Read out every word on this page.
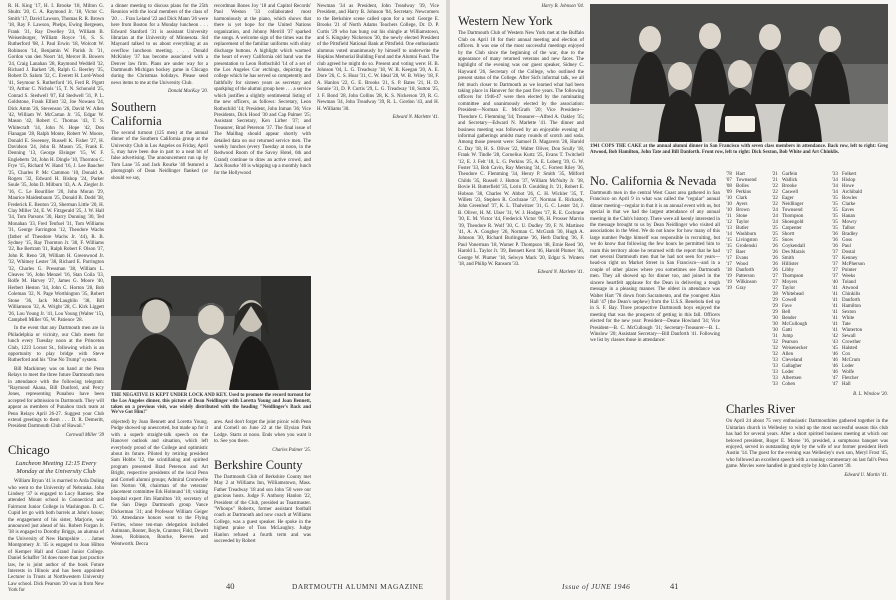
R. H. King '17, H. I. Brooke '18, Milton G. Shultz '20, C. A. Raymond Jr. '18, Victor C. Smith '17, David Lawson, Thomas R. R. Brown '18, Ray F. Lawson, Phelps, Ewing Bergesen, Frank '31, Ray Dwelley '24, William B. Weisenburger, William Royce '16, S. S. Rutherford '08, J. Paul Erwin '18, Wolcott W. Robinson '14, Benjamin W. Parish Jr. '31, Gordon van den Noort '44, Mercer B. Bowers '24, Craig Lanahan '28, Raymond Weddell '32, Richard J. Barkett '26, Ralph G. Beerley '35, Robert D. Salom '32, C. Everett H. Lord-Wood '41, Seymour S. Rutherford '16, Ferd R. Pigott '19, Arthur C. Nichols '15, T. N. Schonold '25, Conrad S. Stedwell '07, Ed Stedwell '31, P. L. Goldstone, Frank Elliott '32, Joe Nowaea '24, Dick Amm '26, Stevenson '26, David W. Allen '42, William W. McCartan Jr. '35, Edgar W. Mason '42, Robert C. Thomas '43, T. S. Whitecraft '14, John N. Hope '42, Don Flanagan '28, Ralph Monte, Robert W. Moore, Donald E. Sweeney, Russell K. Fisher '27, H. Davidson '24, John B. Mason '25, Frank E. Denning '13, George Elsinger '15, W. F. Engleberts '24, John H. Dingle '10, Thornton C. Frye '15, Richard W. Hand '16, J. Lee Baucher '25, Charles P. Mc Cammon '10, Donald A. Rogers '32, Edward H. Bishop '24, Parker Soule '35, John D. Milburn '43, A. A. Ziegler Jr. '16, C. Le Bourillier '20, John Moran '29, Maurice Maidenbaum '25, Donald B. Dodd '38, Frederick E. Benton '23, Sherman Little '20, H. Clay Miller '24, E. W. Fitzgerald '25, J. W. Hall '34, Tom Parsons '30, Harry Dunning '30, Ted Monahan '33, Fred Tenfuel '31, Tom Williams '31, George Farrington '12, Theodore Wachs (father of Theodore Wachs Jr. '44), R. B. Sydney '15, Ray Thornton Jr. '38, F. Williams '22, Ike Bertram '31, Ralph Robert F. Olson '37, John R. Reno '28, William H. Greenwood Jr. '32, Whitney Lester '38, Richard E. Parrington '32, Charles G. Pressman '38, William L. Cleaves '16, John Menzel '16, Stan Coila '33, Rolfe M. Harvey '27, James G. Moore '40, Herbert Heston '34, John C. Horton '28, Bob Coleman '32, N. Page Worthington '35, Robert Stone '36, Jack McLaughlin '38, Bill Williamson '32, A. Wright '28, C. Kirk Liggett '26, Lou Young Jr. '41, Lou Young (Walter '15), Campbell Miller '05, W. Patience '28.

In the event that any Dartmouth men are in Philadelphia or vicinity, our Club meets for lunch every Tuesday noon at the Princeton Club, 1223 Locust St., following which is an opportunity to play bridge with Steve Rutherford and his "One No Trump" system.

Bill Mackinney was on hand at the Penn Relays to meet the three future Dartmouth men in attendance with the following telegram: "Raymond Akana, Bill Dunford, and Percy Jones, representing Punahou have been accepted for admission to Dartmouth. They will appear as members of Punahou track team at Penn Relays April 26-27. Suggest your Club extend greetings to them . . . D. R. Demeritt, President Dartmouth Club of Hawaii."

Cornwall Miller '39

Chicago
Luncheon Meeting 12:15 Every Monday at the University Club

William Bryan '41 is married to Arda Duling who went to the University of Nebraska. John Lindsey '37 is engaged to Lucy Ramsey. She attended Mount school in Connecticut and Fairmont Junior College in Washington. D. C. Cupid let go with both barrels at John's house; the engagement of his sister, Marjorie, was announced just ahead of his. Robert Forgan Jr. '38 is engaged to Dorothy Briggs, an alumna of the University of New Hampshire . . . James Montgomery Jr. '45 is engaged to Joan Hilton of Kemper Hall and Grand Junior College. Daniel Schaffer '34 does more than just practice law, he is joint author of the book Future Interests in Illinois and has been appointed Lecturer in Trusts at Northwestern University Law school. Dick Pearson '20 was in from New York for

a dinner meeting to discuss plans for the 25th Reunion with the local members of the class of '20 . . . Fran Leland '22 and Dick Mann '26 were here from Boston for a Monday luncheon . . . Edward Stanford '31 is assistant University librarian at the University of Minnesota. Sid Maynard talked to us about everything at an overflow luncheon meeting. . . . Donald McKinley '37 has become associated with a Denver law firm. Plans are under way for a Dartmouth Michigan hockey game in Chicago during the Christmas holidays. Please send news items to me at the University Club.

Donald MacKay '20.

Southern California

The second turnout (125 men) at the annual dinner of the Southern California group at the University Club in Los Angeles on Friday, April 5, may have been due in part to a neat bit of false advertising. The announcement run up by Tom Lane '35 and Jack Rourke '40 featured a photograph of Dean Neidlinger flanked (or should we say,

recordman Bones Joy '18 and Capitol Records' Paul Weston '33 collaborated most harmoniously at the piano, which shows that there is yet hope for the United Nations organization, and Johnny Merrill '37 sparked the songs. A welcome sign of the times was the replacement of the familiar uniforms with shiny discharge buttons. A highlight which warmed the heart of every California old hand was the presentation to Leon Rothschild '14 of a set of the Los Angeles Cor etchings, depicting the college which he has served so competently and faithfully for sixteen years as secretary and sparkplug of the alumni group here . . . a service which justifies a slightly sentimental listing of the new officers, as follows: Secretary, Leon Rothschild '14; President, John Inman '36; Vice Presidents, Dick Hood '30 and Cap Palmer '25; Assistant Secretary, Ken Lirber '37; and Treasurer, Brad Peterson '37. The final issue of The Mailbag should appear shortly with detailed data on our returned service men. The weekly lunches (every Tuesday at noon, in the Redwood Room of the Savoy Hotel, 6th and Grand) continue to draw an active crowd, and Jack Rourke '40 is whipping up a monthly lunch for the Hollywood

THE NEGATIVE IS KEPT UNDER LOCK AND KEY. Used to promote the record turnout for the Los Angeles dinner, this picture of Dean Neidlinger with Loretta Young and Joan Bennett, taken on a previous visit, was widely distributed with the heading "Neidlinger's Back and We've Got Him!"

objected) by Joan Bennett and Loretta Young. Pudge showed up unescorted, but made up for it with a superb straight-talk speech on the Hanover outlook and situation, which left everybody proud of the College and optimistic about its future. Piloted by retiring president Sam Hobbs '12, the scintillating and spirited program presented Brad Peterson and Art Bright, respective presidents of the local Penn and Cornell alumni groups; Admiral Cromwelle Ion Norton '08, chairman of the veterans' placement committee Erk Holmund '10; visiting hospital expert Jim Hamilton '10; secretary of the San Diego Dartmouth group Vance Dickerman '31; and Professor William Geiger '10. Attendance honors went to the Flying Forties, whose ten-man delegation included Aulmann, Bonter, Boyle, Cranmer, Fidd, Dewitt Jones, Robinson, Rourke, Reeves and Wentworth. Decca

ares. And don't forget the joint picnic with Penn and Cornell on June 22 at the Elysian Park Lodge. Starts at noon. Ends when you want it to. See you there.

Charles Palmer '25.

Berkshire County

The Dartmouth Club of Berkshire County met May 2 at Williams Inn, Williamstown, Mass. Father Treadway '18 and son John '50 were our gracious hosts. Judge F. Anthony Hanlon '22, President of the Club, presided as Toastmaster. "Whoops" Roberts, former assistant football coach at Dartmouth and now coach at Williams College, was a guest speaker. He spoke in the highest praise of Tuss McLaughry. Judge Hanlon refused a fourth term and was succeeded by Robert

Newman '34 as President, John Treadway '39, Vice President, and Harry B. Johnson '04, Secretary. Newcomers to the Berkshire scene called upon for a nod: George E. Brooks '21 of North Adams Teachers College, Dr. D. P. Curtis '29 who has hung out his shingle at Williamstown, and S. Kingsley Nickerson '30, the newly elected President of the Pittsfield National Bank at Pittsfield. One enthusiastic alumnus voted unanimously by himself to underwrite the Hopkins Memorial Building Fund and the Alumni Fund. The club agreed he might do so. Present and voting were: H. B. Johnson '04, L. G. Treadway '18, W. B. Keegan '20, A. E. Dore '26, C. S. Hoar '31, C. W. Ideal '28, W. B. Wiley '18, F. A. Hanlon '22, G. E. Brooks '21, S. P. Bates '21, H. D. Sonnie '31, D. P. Curtis '29, L. G. Treadway '18, Sutton '25, J. F. Bond '28, John Collins '28, K. S. Nickerson '29, R. G. Newman '34, John Treadway '39, R. L. Gordon '43, and H. H. Williams '30.

Edward N. Marlette '41.

40	DARTMOUTH ALUMNI MAGAZINE

Harry B. Johnson '04.

Western New York

The Dartmouth Club of Western New York met at the Buffalo Club on April 18 for their annual meeting and election of officers. It was one of the most successful meetings enjoyed by the Club since the beginning of the war, due to the appearance of many returned veterans and new faces. The highlight of the evening was our guest speaker, Sidney C. Hayward '26, Secretary of the College, who outlined the present status of the College. After Sid's informal talk, we all felt much closer to Dartmouth as we learned what had been taking place in Hanover for the past five years. The following officers for 1946-47 were then elected by the nominating committee and unanimously elected by the association: President—Norman E. McGrath '20; Vice President—Theodore C. Flemming '34; Treasurer—Alfred A. Oakley '35; and Secretary—Edward N. Marlette '41. The dinner and business meeting was followed by an enjoyable evening of informal gatherings amidst many rounds of scotch and soda. Among those present were: Samuel D. Magavern '28, Harold C. Day '18, H. S. Oliver '22, Walter Oliver, Don Scully '18, Frank W. Tindle '28, Cornelius Kurtz '25, Evans T. Twitchell '12, E. J. Felt '18, L. G. Perkins '25, A. E. Loberg '39, G. W. Foster '33, Bob Cavin, Ray Mersing '34, C. Forrest Riley '36, Theodore C. Flemming '34, Henry P. Smith '35, Milford Childs '35, Russell J. Hutton '37, William McNulty Jr. '38, Bovie H. Butterfield '35, Lorin D. Goulding Jr. '21, Robert E. Hobson '38, Charles W. Abbot '26, C. H. Wickler '35, T. Willets '23, Stephen R. Cochrane '37, Norman E. Richards, John Greenleaf '37, K. L. Thalwitzer '31, G. C. Lester '24, J. B. Oliver, H. M. Ulser '31, W. J. Hodges '17, R. E. Cochrane '30, E. M. Victor '44, Frederick Victor '06, H. Prosser Marvin '39, Theodore R. Wolf '30, C. U. Dudley '39, F. N. Martinez '41, A. A. Coughey '26, Norman C. McGrath '30, Hugh A. Johnson '30, Richard Burlingame '36, Herb Darling '36, F. Paul Vonerman '18, Warner P. Thompson '48, Ernie Reed '30, Harold L. Taylor Jr. '39, Bennett Kent '46, Harold Plumer '46, George W. Plumer '18, Selwyn Mack '20, Edgar S. Winters '18, and Philip W. Ransom '33.

Edward N. Marlette '41.

1941 COPS THE CAKE at the annual alumni dinner in San Francisco with seven class members in attendance. Back row, left to right: Greg Atwood, Bob Hamilton, John Tate and Bill Danforth. Front row, left to right: Dick Sexton, Bob White and Art Chinklis.
No. California & Nevada

Dartmouth men in the central West Coast area gathered in San Francisco on April 9 in what was called the "regular" annual dinner meeting—regular in that it is an annual event with us, but special in that we had the largest attendance of any annual meeting in the Club's history. There were all keenly interested in the message brought to us by Dean Neidlinger who visited all associations in the West. We do not know for how many of this large number Pudge himself was responsible in recruiting, but we do know that following the few hours he permitted him to roam this territory alone he returned with the report that he had met several Dartmouth men that he had not seen for years—head-on right on Market Street in San Francisco—and in a couple of other places where you sometimes see Dartmouth men. They all showed up for dinner too, and joined in the sincere heartfelt applause for the Dean in delivering a tough message in a pleasing manner. The oldest in attendance was Walter Hart '78 down from Sacramento, and the youngest Alan Hall '47 (the Dean's nephew) from the U.S.S. Benebola tied up in S. F. Bay. Three prospective Dartmouth boys enjoyed the meeting that was the prospects of getting in this fall. Officers elected for the new year: President—Deane Howland '34; Vice President—B. C. McCullough '31; Secretary-Treasurer—B. L. Winslow '20; Assistant Secretary—Bill Danforth '41. Following we list by classes those in attendance:

'78 Hart
'07 Townsend
'08 Bolles
'09 Perkins
'10 Clark
'10 Ayers
'10 Brown
'11 Stone
'12 Taylor
'13 Butler
'14 Washburn
'15 Livingston
'15 Grodenski
'17 Baer
'17 Evans
'17 Wood
'18 Danforth
'19 Patterson
'19 Wilkinson
'19 Gray
'21 Garfein
'21 Wallick
'22 Brooke
'22 Caswell
'22 Eager
'22 Neidlinger
'24 Townsend
'24 Thompson
'24 Shoengold
'25 Carpenter
'25 Shortt
'25 Snow
'26 Coykendall
'26 Des Marais
'26 Smith
'26 Hillister
'26 Libby
'27 Thompson
'27 Moyers
'27 Taylor
'28 Whitehead
'29 Cowell
'29 Fave
'29 Bell
'30 Bender
'30 McCullough
'30 Gatti
'31 Jump
'32 Pearson
'32 Weisenecker
'32 Allen
'33 Cleveland
'33 Gallagher
'33 Loder
'33 Albertsen
'33 Cohen
'33 Folkert
'34 Hislop
'34 Howe
'34 Archibald
'35 Bowles
'35 Clarke
'35 Eaves
'35 Hanan
'35 Mowry
'35 Talbot
'36 Bradley
'36 Goss
'36 Paul
'37 Dostal
'37 Kenney
'37 McPherson
'37 Pointer
'37 Weeks
'40 Toland
'41 Atwood
'41 Chinkilis
'41 Danforth
'41 Hamilton
'41 Sexton
'41 White
'41 Tate
'41 Winterton
'42 Sewall
'43 Crowther
'45 Halsted
'46 Cox
'46 McCrum
'46 Loder
'46 Wolfe
'47 Fletcher
'47 Hall

B. L. Winslow '20.

Charles River

On April 24 about 75 very enthusiastic Dartmouthites gathered together in the Unitarian church in Wellesley to wind up the most successful season this club has had for several years. After a short spirited business meeting at which our beloved president, Roger E. Morse '16, presided, a sumptuous banquet was enjoyed, served in outstanding style by the wife of our former president Herb Austin '14. The guest for the evening was Wellesley's own son, Meryl Frost '45, who followed an excellent speech with a running commentary on last fall's Penn game. Movies were handled in grand style by John Garrett '30.

Edward U. Martin '41.

Issue of JUNE 1946	41
